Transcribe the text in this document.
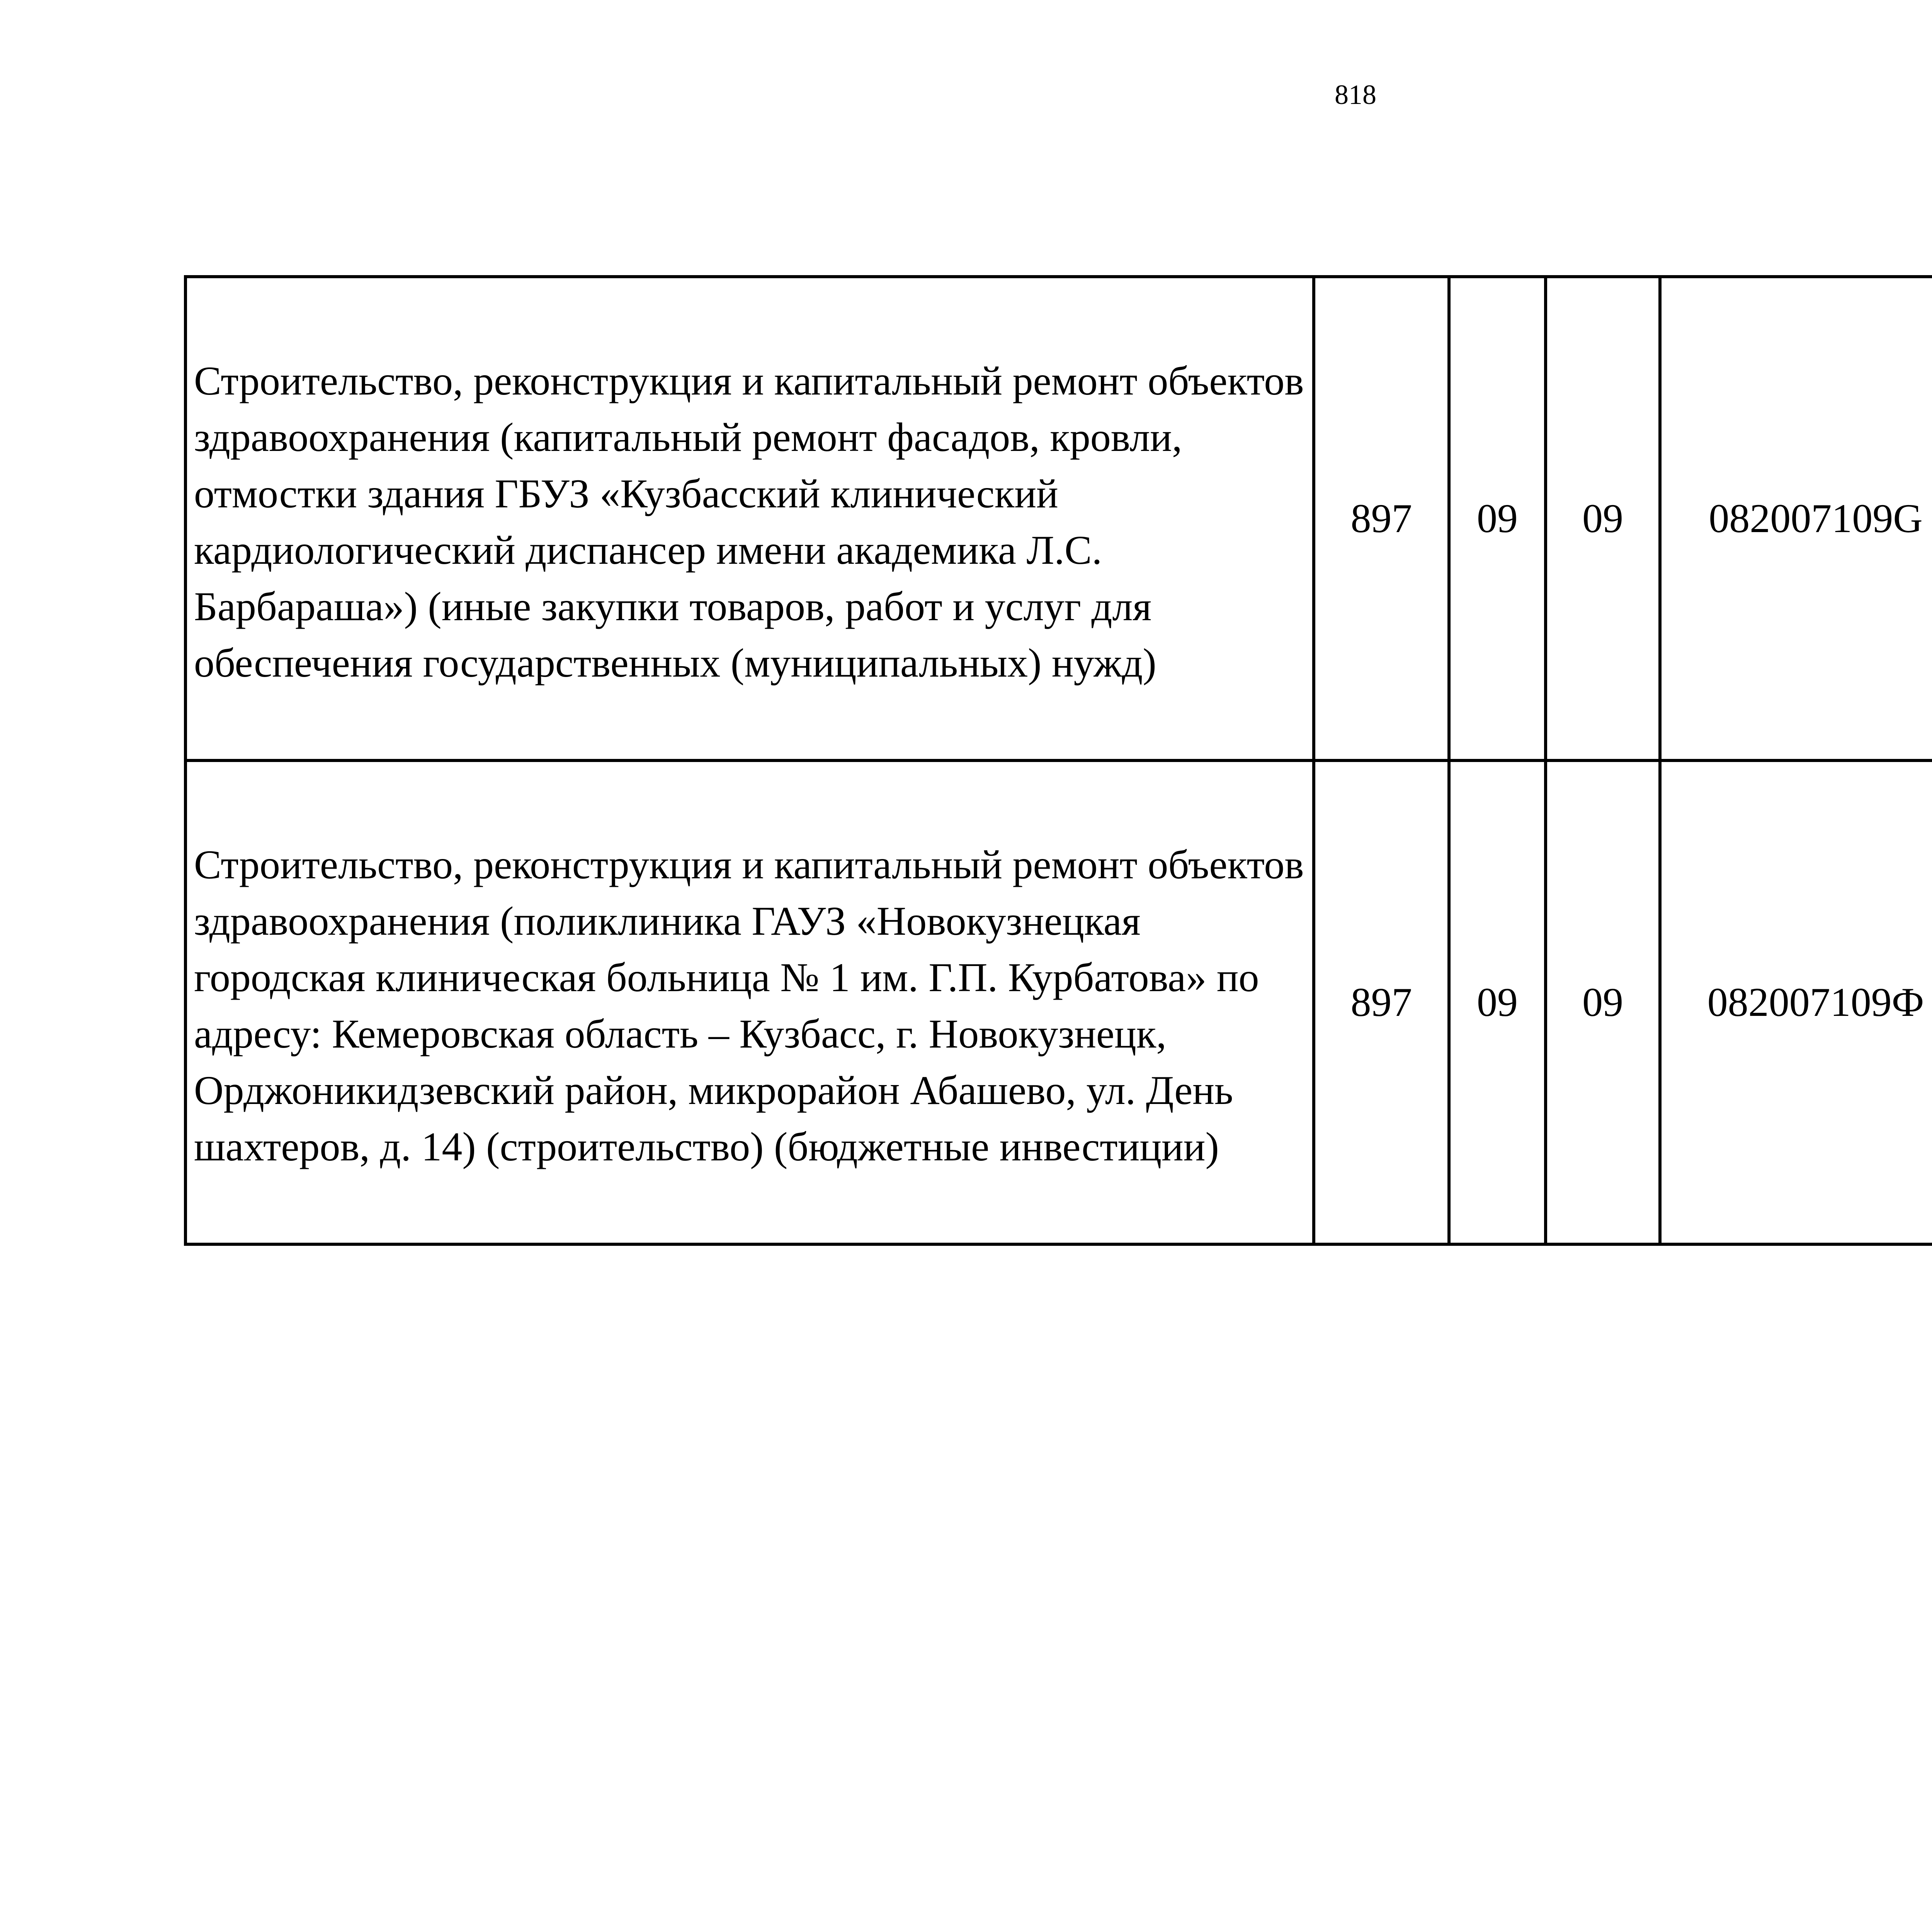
818
Строительство, реконструкция и капитальный ремонт объектов здравоохранения (капитальный ремонт фасадов, кровли, отмостки здания ГБУЗ «Кузбасский клинический кардиологический диспансер имени академика Л.С. Барбараша») (иные закупки товаров, работ и услуг для обеспечения государственных (муниципальных) нужд)	897	09	09	082007109G		
Строительство, реконструкция и капитальный ремонт объектов здравоохранения (поликлиника ГАУЗ «Новокузнецкая городская клиническая больница № 1 им. Г.П. Курбатова» по адресу: Кемеровская область – Кузбасс, г. Новокузнецк, Орджоникидзевский район, микрорайон Абашево, ул. День шахтеров, д. 14) (строительство) (бюджетные инвестиции)	897	09	09	082007109Ф		
